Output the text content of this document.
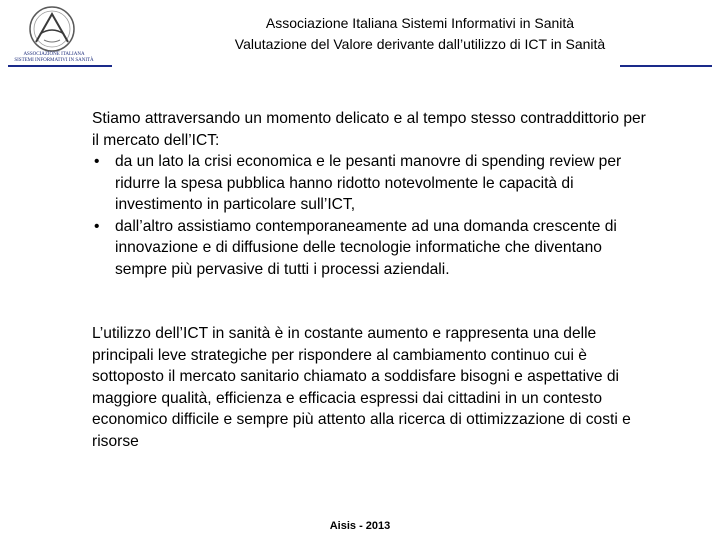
ASSOCIAZIONE ITALIANA
SISTEMI INFORMATIVI IN SANITÀ
Associazione Italiana Sistemi Informativi in Sanità
Valutazione del Valore derivante dall’utilizzo di ICT in Sanità
Stiamo attraversando un momento delicato e al tempo stesso contraddittorio per il mercato dell’ICT:
• da un lato la crisi economica e le pesanti manovre di spending review per ridurre la spesa pubblica hanno ridotto notevolmente le capacità di investimento in particolare sull’ICT,
• dall’altro assistiamo contemporaneamente ad una domanda crescente di innovazione e di diffusione delle tecnologie informatiche che diventano sempre più pervasive di tutti i processi aziendali.
L’utilizzo dell’ICT in sanità è in costante aumento e rappresenta una delle principali leve strategiche per rispondere al cambiamento continuo cui è sottoposto il mercato sanitario chiamato a soddisfare bisogni e aspettative di maggiore qualità, efficienza e efficacia espressi dai cittadini in un contesto economico difficile e sempre più attento alla ricerca di ottimizzazione di costi e risorse
Aisis - 2013
